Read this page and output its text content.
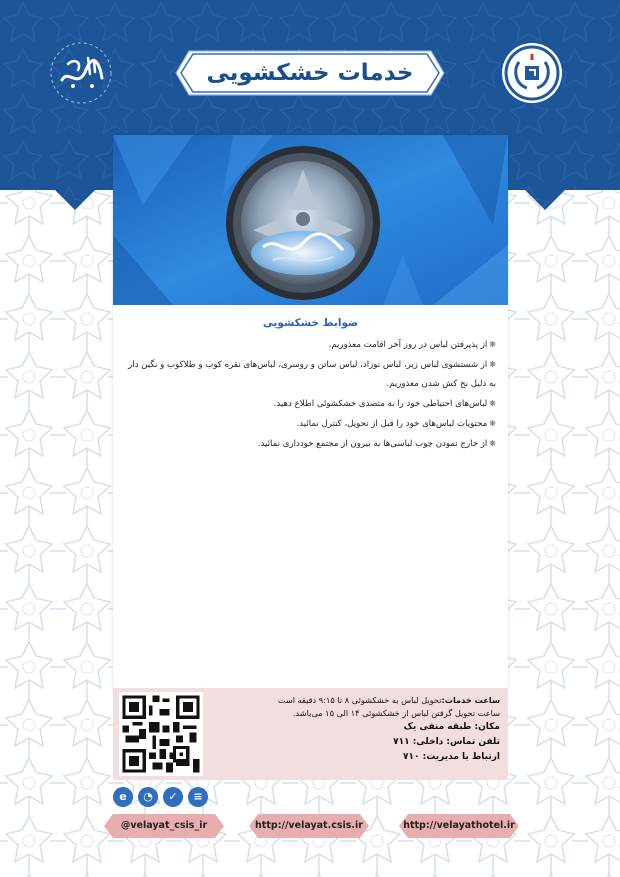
خدمات خشکشویی
ضوابط خشکشویی
❋از پذیرفتن لباس در روز آخر اقامت معذوریم.
❋از شستشوی لباس زیر، لباس نوزاد، لباس ساتن و روسری، لباس‌های نقره کوب و طلاکوب و نگین دار
به دلیل نخ کش شدن معذوریم.
❋لباس‌های احتیاطی خود را به متصدی خشکشوئی اطلاع دهید.
❋محتویات لباس‌های خود را قبل از تحویل، کنترل نمائید.
❋از خارج نمودن چوب لباسی‌ها به بیرون از مجتمع خودداری نمائید.
ساعت خدمات:تحویل لباس به خشکشوئی ۸ تا ۹:۱۵ دقیقه است
ساعت تحویل گرفتن لباس از خشکشوئی ۱۴ الی ۱۵ می‌باشد.
مکان: طبقه منفی یک
تلفن تماس: داخلی: ۷۱۱
ارتباط با مدیریت: ۷۱۰
e	◔	✓	≡
@velayat_csis_ir	http://velayat.csis.ir	http://velayathotel.ir
